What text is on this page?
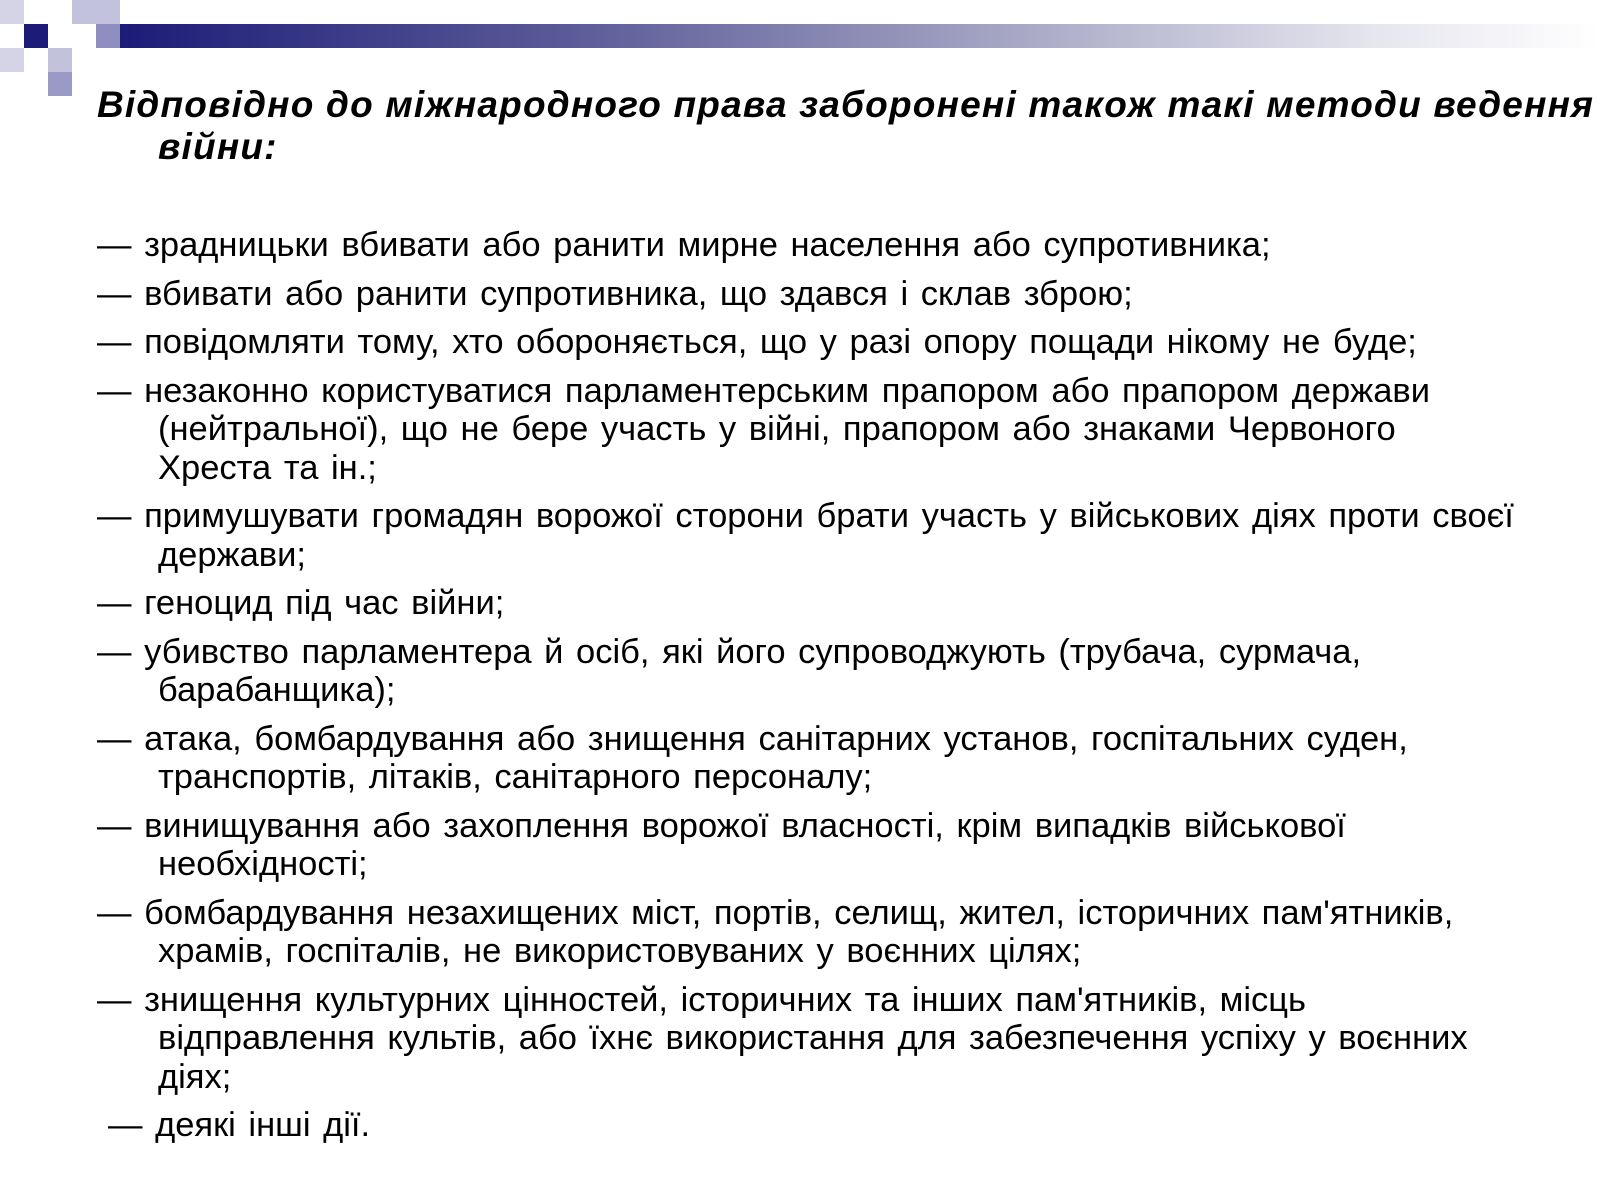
Відповідно до міжнародного права заборонені також такі методи ведення війни:
— зрадницьки вбивати або ранити мирне населення або супротивника;
— вбивати або ранити супротивника, що здався і склав зброю;
— повідомляти тому, хто обороняється, що у разі опору пощади нікому не буде;
— незаконно користуватися парламентерським прапором або прапором держави (нейтральної), що не бере участь у війні, прапором або знаками Червоного Хреста та ін.;
— примушувати громадян ворожої сторони брати участь у військових діях проти своєї держави;
— геноцид під час війни;
— убивство парламентера й осіб, які його супроводжують (трубача, сурмача, барабанщика);
— атака, бомбардування або знищення санітарних установ, госпітальних суден, транспортів, літаків, санітарного персоналу;
— винищування або захоплення ворожої власності, крім випадків військової необхідності;
— бомбардування незахищених міст, портів, селищ, жител, історичних пам'ятників, храмів, госпіталів, не використовуваних у воєнних цілях;
— знищення культурних цінностей, історичних та інших пам'ятників, місць відправлення культів, або їхнє використання для забезпечення успіху у воєнних діях;
— деякі інші дії.
